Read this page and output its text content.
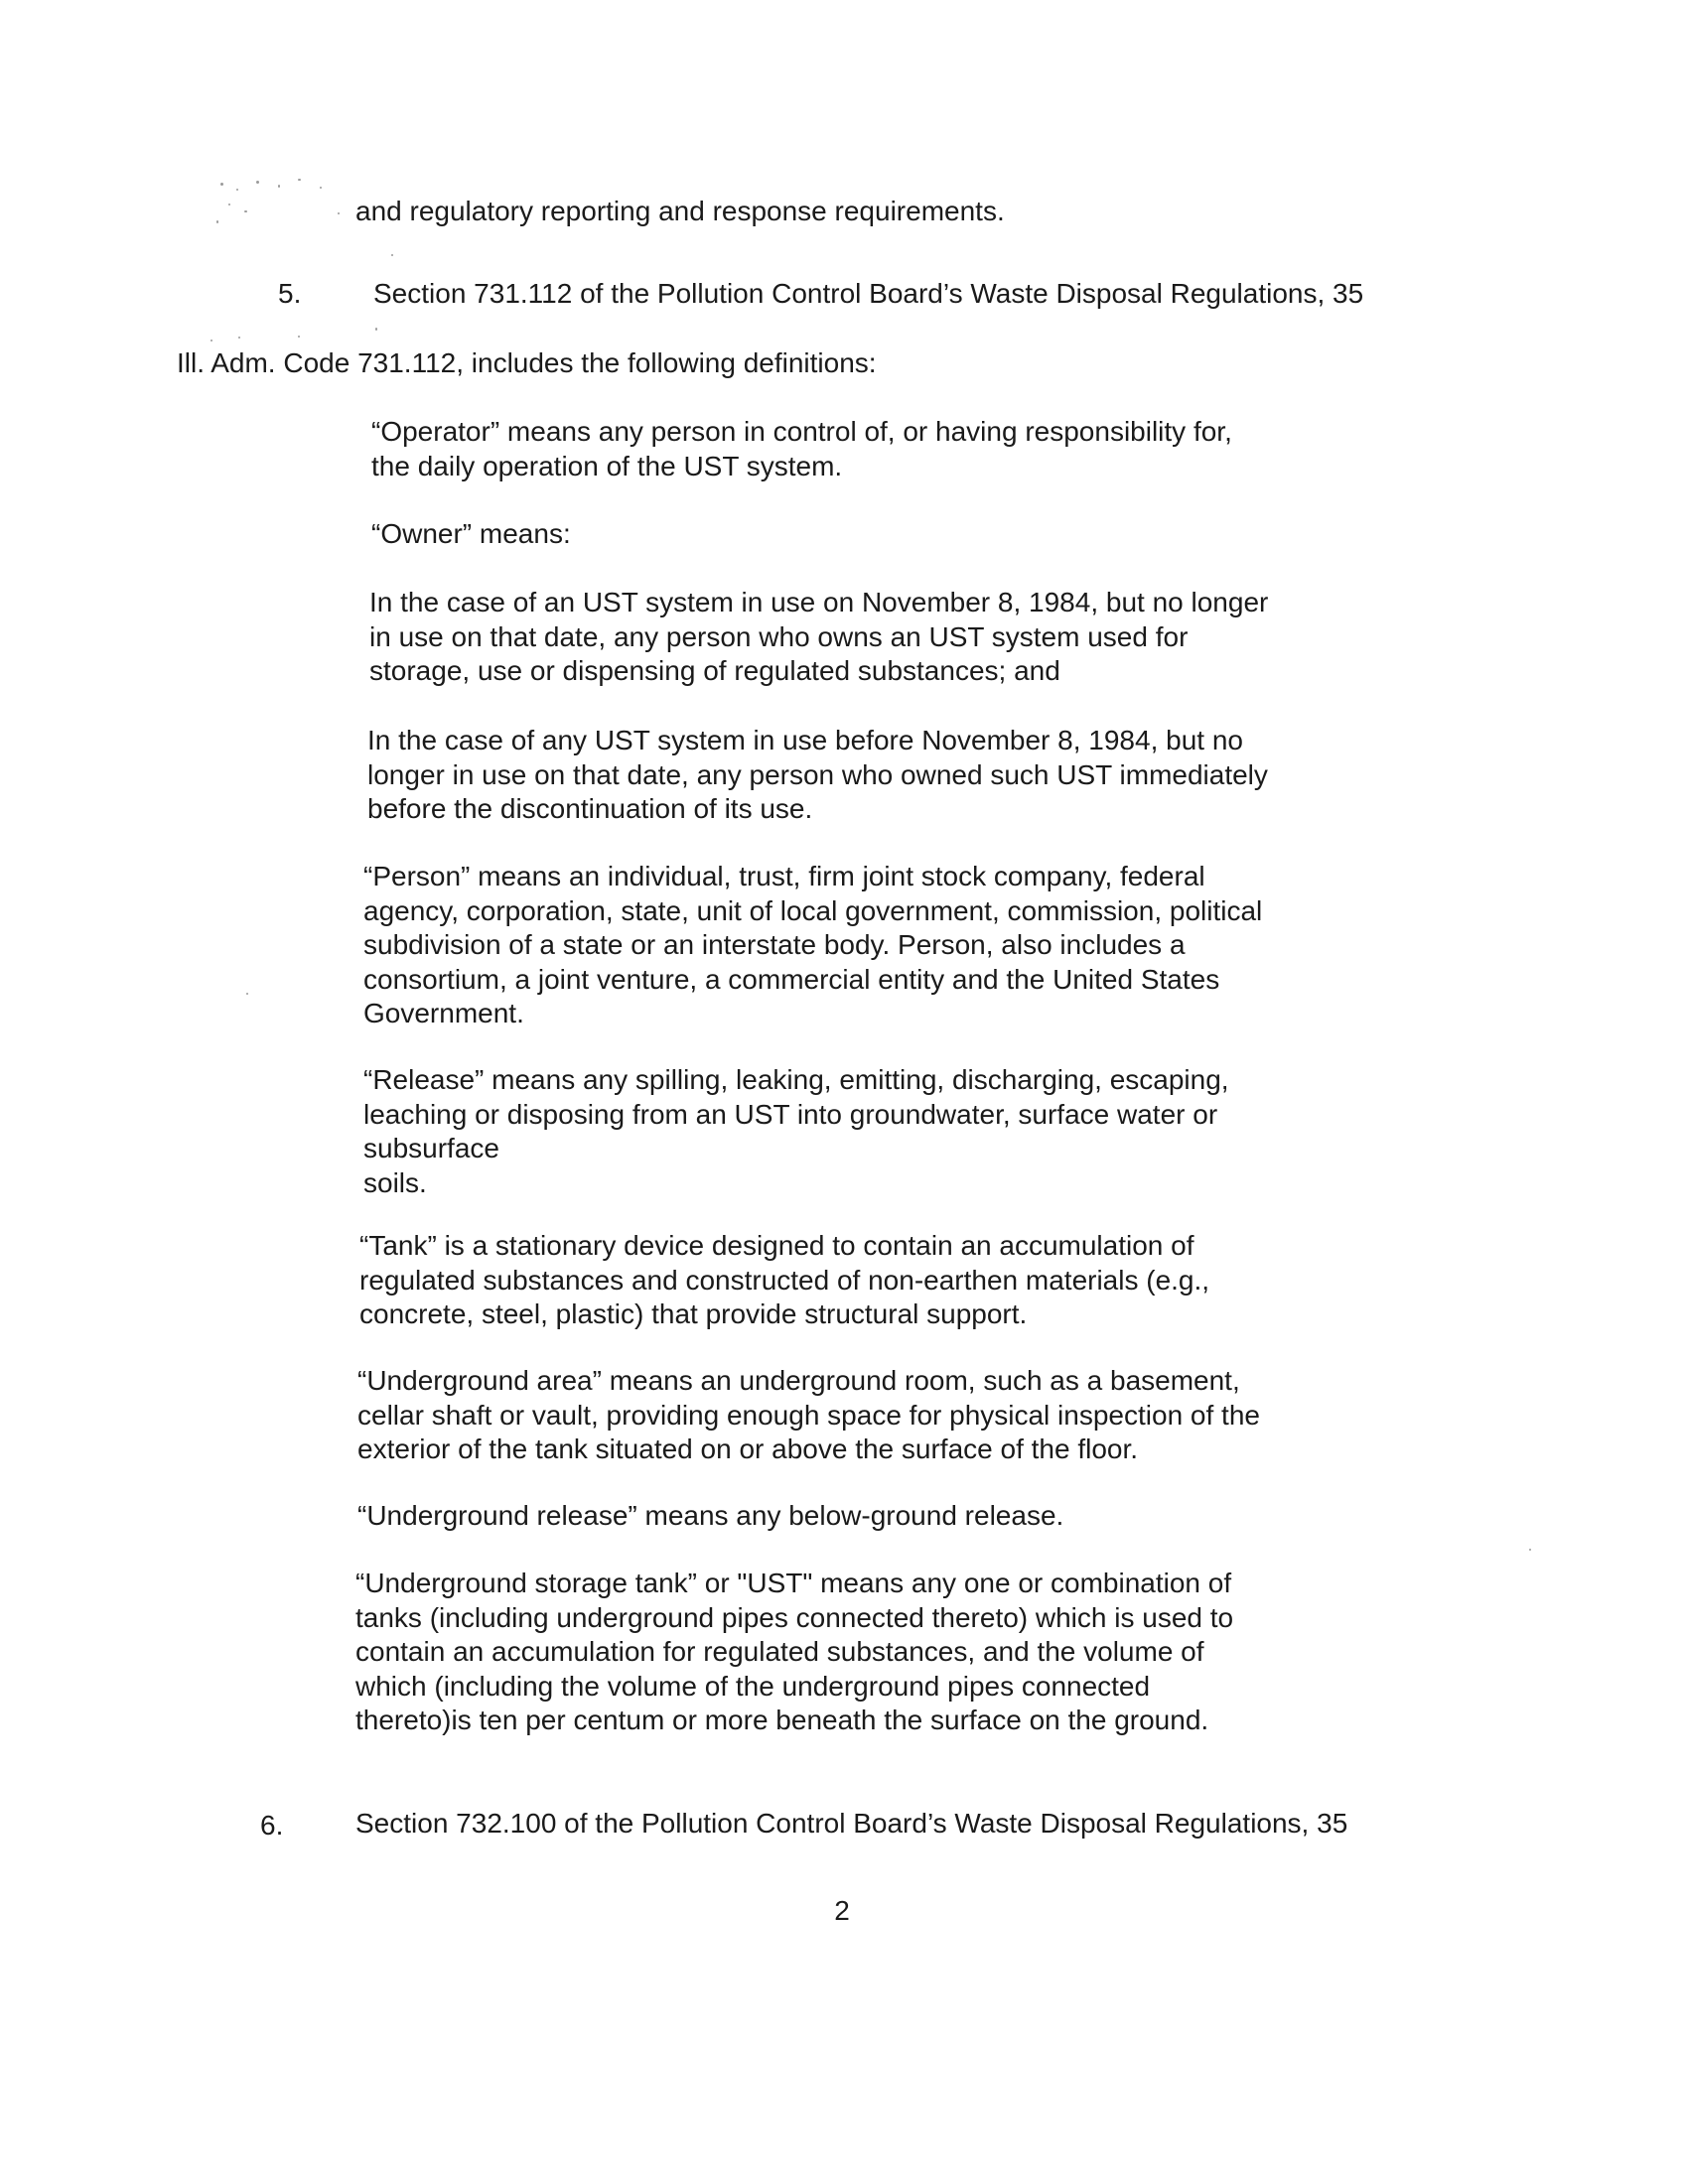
and regulatory reporting and response requirements.
5.	Section 731.112 of the Pollution Control Board’s Waste Disposal Regulations, 35
Ill. Adm. Code 731.112, includes the following definitions:

“Operator” means any person in control of, or having responsibility for,

the daily operation of the UST system.

“Owner” means:

In the case of an UST system in use on November 8, 1984, but no longer

in use on that date, any person who owns an UST system used for

storage, use or dispensing of regulated substances; and

In the case of any UST system in use before November 8, 1984, but no

longer in use on that date, any person who owned such UST immediately

before the discontinuation of its use.

“Person” means an individual, trust, firm joint stock company, federal

agency, corporation, state, unit of local government, commission, political

subdivision of a state or an interstate body. Person, also includes a

consortium, a joint venture, a commercial entity and the United States

Government.

“Release” means any spilling, leaking, emitting, discharging, escaping,

leaching or disposing from an UST into groundwater, surface water or

subsurface

soils.

“Tank” is a stationary device designed to contain an accumulation of

regulated substances and constructed of non-earthen materials (e.g.,

concrete, steel, plastic) that provide structural support.

“Underground area” means an underground room, such as a basement,

cellar shaft or vault, providing enough space for physical inspection of the

exterior of the tank situated on or above the surface of the floor.

“Underground release” means any below-ground release.

“Underground storage tank” or "UST" means any one or combination of

tanks (including underground pipes connected thereto) which is used to

contain an accumulation for regulated substances, and the volume of

which (including the volume of the underground pipes connected

thereto)is ten per centum or more beneath the surface on the ground.

6.	Section 732.100 of the Pollution Control Board’s Waste Disposal Regulations, 35
2
